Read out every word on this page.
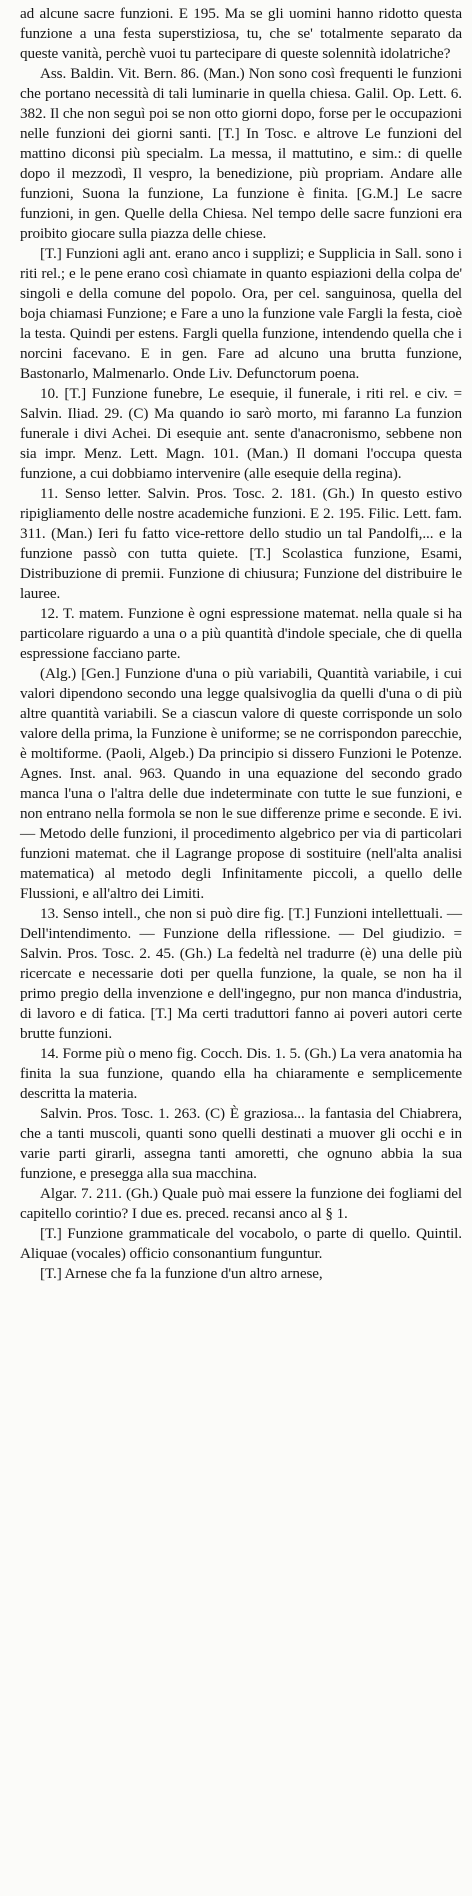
ad alcune sacre funzioni. E 195. Ma se gli uomini hanno ridotto questa funzione a una festa superstiziosa, tu, che se' totalmente separato da queste vanità, perchè vuoi tu partecipare di queste solennità idolatriche?

Ass. Baldin. Vit. Bern. 86. (Man.) Non sono così frequenti le funzioni che portano necessità di tali luminarie in quella chiesa. Galil. Op. Lett. 6. 382. Il che non seguì poi se non otto giorni dopo, forse per le occupazioni nelle funzioni dei giorni santi. [T.] In Tosc. e altrove Le funzioni del mattino diconsi più specialm. La messa, il mattutino, e sim.: di quelle dopo il mezzodì, Il vespro, la benedizione, più propriam. Andare alle funzioni, Suona la funzione, La funzione è finita. [G.M.] Le sacre funzioni, in gen. Quelle della Chiesa. Nel tempo delle sacre funzioni era proibito giocare sulla piazza delle chiese.

[T.] Funzioni agli ant. erano anco i supplizi; e Supplicia in Sall. sono i riti rel.; e le pene erano così chiamate in quanto espiazioni della colpa de' singoli e della comune del popolo. Ora, per cel. sanguinosa, quella del boja chiamasi Funzione; e Fare a uno la funzione vale Fargli la festa, cioè la testa. Quindi per estens. Fargli quella funzione, intendendo quella che i norcini facevano. E in gen. Fare ad alcuno una brutta funzione, Bastonarlo, Malmenarlo. Onde Liv. Defunctorum poena.

10. [T.] Funzione funebre, Le esequie, il funerale, i riti rel. e civ. = Salvin. Iliad. 29. (C) Ma quando io sarò morto, mi faranno La funzion funerale i divi Achei. Di esequie ant. sente d'anacronismo, sebbene non sia impr. Menz. Lett. Magn. 101. (Man.) Il domani l'occupa questa funzione, a cui dobbiamo intervenire (alle esequie della regina).

11. Senso letter. Salvin. Pros. Tosc. 2. 181. (Gh.) In questo estivo ripigliamento delle nostre academiche funzioni. E 2. 195. Filic. Lett. fam. 311. (Man.) Ieri fu fatto vice-rettore dello studio un tal Pandolfi,... e la funzione passò con tutta quiete. [T.] Scolastica funzione, Esami, Distribuzione di premii. Funzione di chiusura; Funzione del distribuire le lauree.

12. T. matem. Funzione è ogni espressione matemat. nella quale si ha particolare riguardo a una o a più quantità d'indole speciale, che di quella espressione facciano parte.

(Alg.) [Gen.] Funzione d'una o più variabili, Quantità variabile, i cui valori dipendono secondo una legge qualsivoglia da quelli d'una o di più altre quantità variabili. Se a ciascun valore di queste corrisponde un solo valore della prima, la Funzione è uniforme; se ne corrispondon parecchie, è moltiforme. (Paoli, Algeb.) Da principio si dissero Funzioni le Potenze. Agnes. Inst. anal. 963. Quando in una equazione del secondo grado manca l'una o l'altra delle due indeterminate con tutte le sue funzioni, e non entrano nella formola se non le sue differenze prime e seconde. E ivi. — Metodo delle funzioni, il procedimento algebrico per via di particolari funzioni matemat. che il Lagrange propose di sostituire (nell'alta analisi matematica) al metodo degli Infinitamente piccoli, a quello delle Flussioni, e all'altro dei Limiti.

13. Senso intell., che non si può dire fig. [T.] Funzioni intellettuali. — Dell'intendimento. — Funzione della riflessione. — Del giudizio. = Salvin. Pros. Tosc. 2. 45. (Gh.) La fedeltà nel tradurre (è) una delle più ricercate e necessarie doti per quella funzione, la quale, se non ha il primo pregio della invenzione e dell'ingegno, pur non manca d'industria, di lavoro e di fatica. [T.] Ma certi traduttori fanno ai poveri autori certe brutte funzioni.

14. Forme più o meno fig. Cocch. Dis. 1. 5. (Gh.) La vera anatomia ha finita la sua funzione, quando ella ha chiaramente e semplicemente descritta la materia.

Salvin. Pros. Tosc. 1. 263. (C) È graziosa... la fantasia del Chiabrera, che a tanti muscoli, quanti sono quelli destinati a muover gli occhi e in varie parti girarli, assegna tanti amoretti, che ognuno abbia la sua funzione, e presegga alla sua macchina.

Algar. 7. 211. (Gh.) Quale può mai essere la funzione dei fogliami del capitello corintio? I due es. preced. recansi anco al § 1.

[T.] Funzione grammaticale del vocabolo, o parte di quello. Quintil. Aliquae (vocales) officio consonantium funguntur.

[T.] Arnese che fa la funzione d'un altro arnese,
